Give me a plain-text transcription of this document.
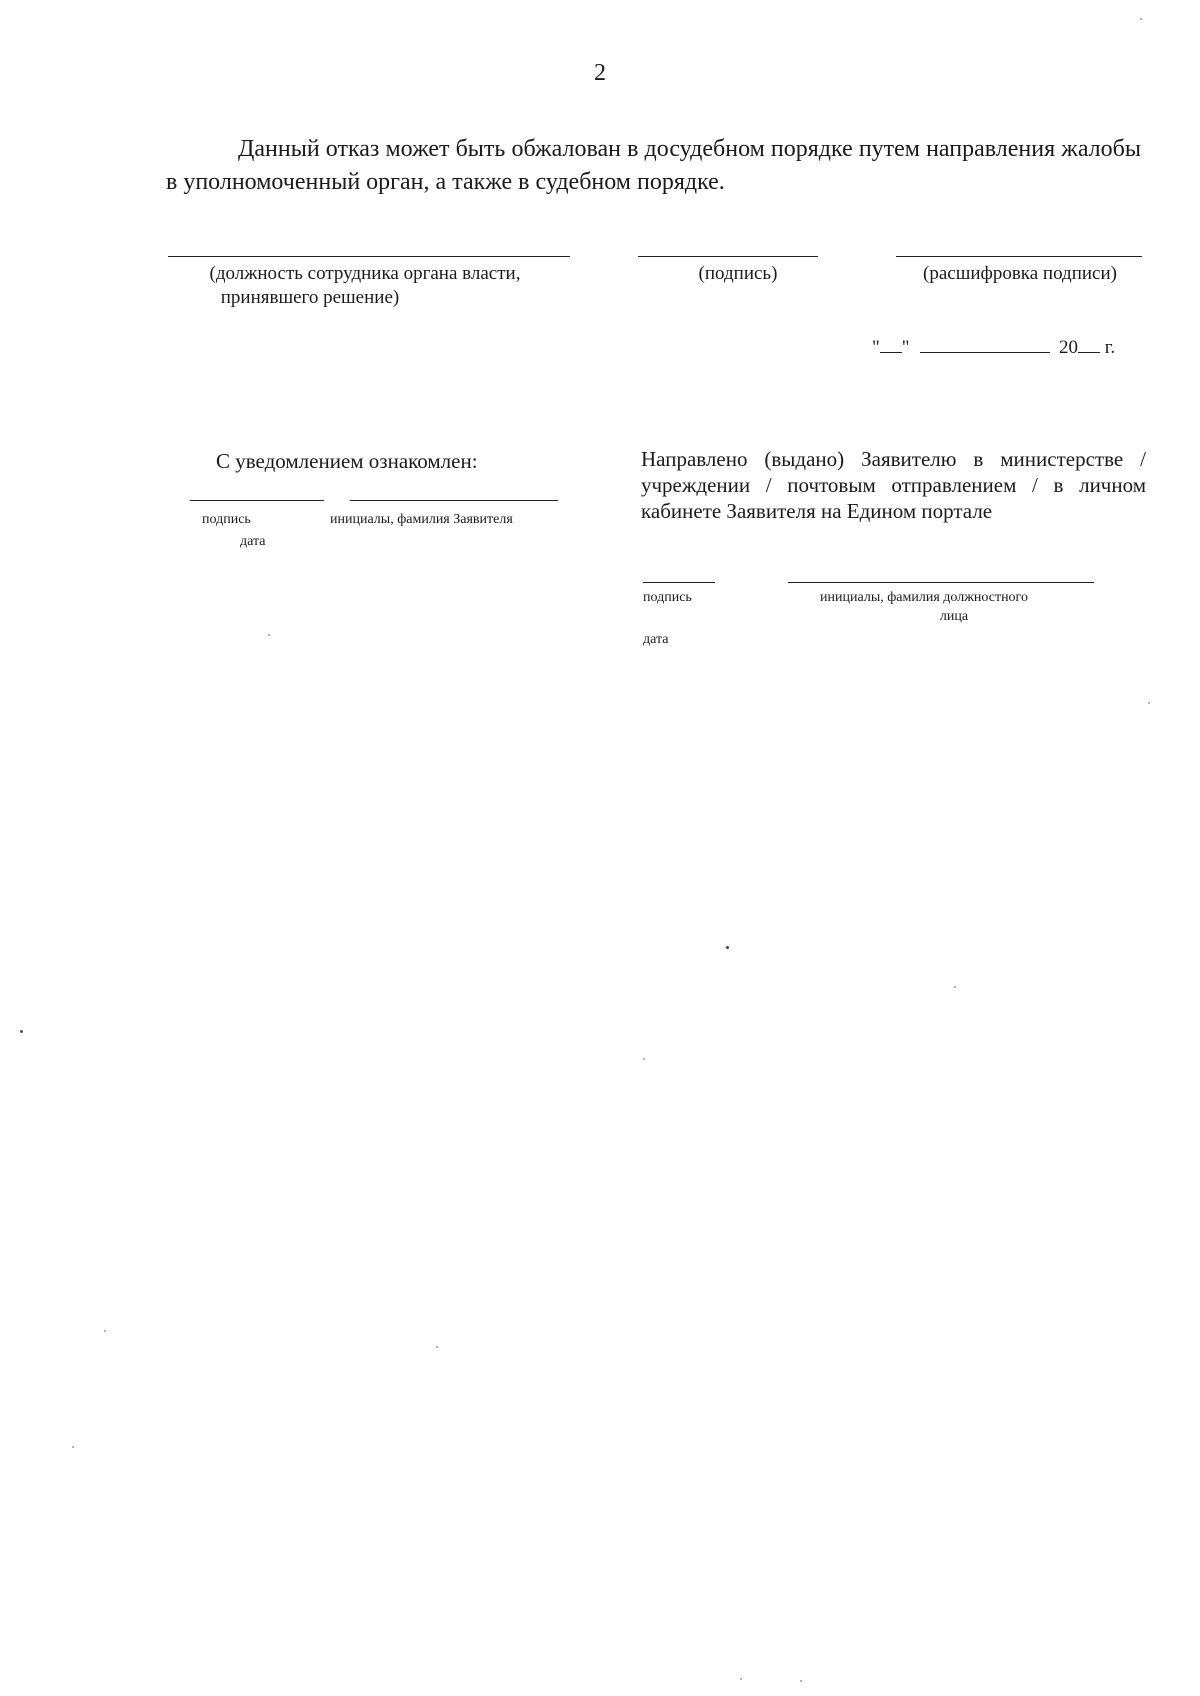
2
Данный отказ может быть обжалован в досудебном порядке путем направления жалобы в уполномоченный орган, а также в судебном порядке.
(должность сотрудника органа власти,
принявшего решение)
(подпись)	(расшифровка подписи)
" "	20 г.
С уведомлением ознакомлен:
подпись	инициалы, фамилия Заявителя
дата
Направлено (выдано) Заявителю в министерстве / учреждении / почтовым отправлением / в личном кабинете Заявителя на Едином портале
подпись	инициалы, фамилия должностного
лица
дата
